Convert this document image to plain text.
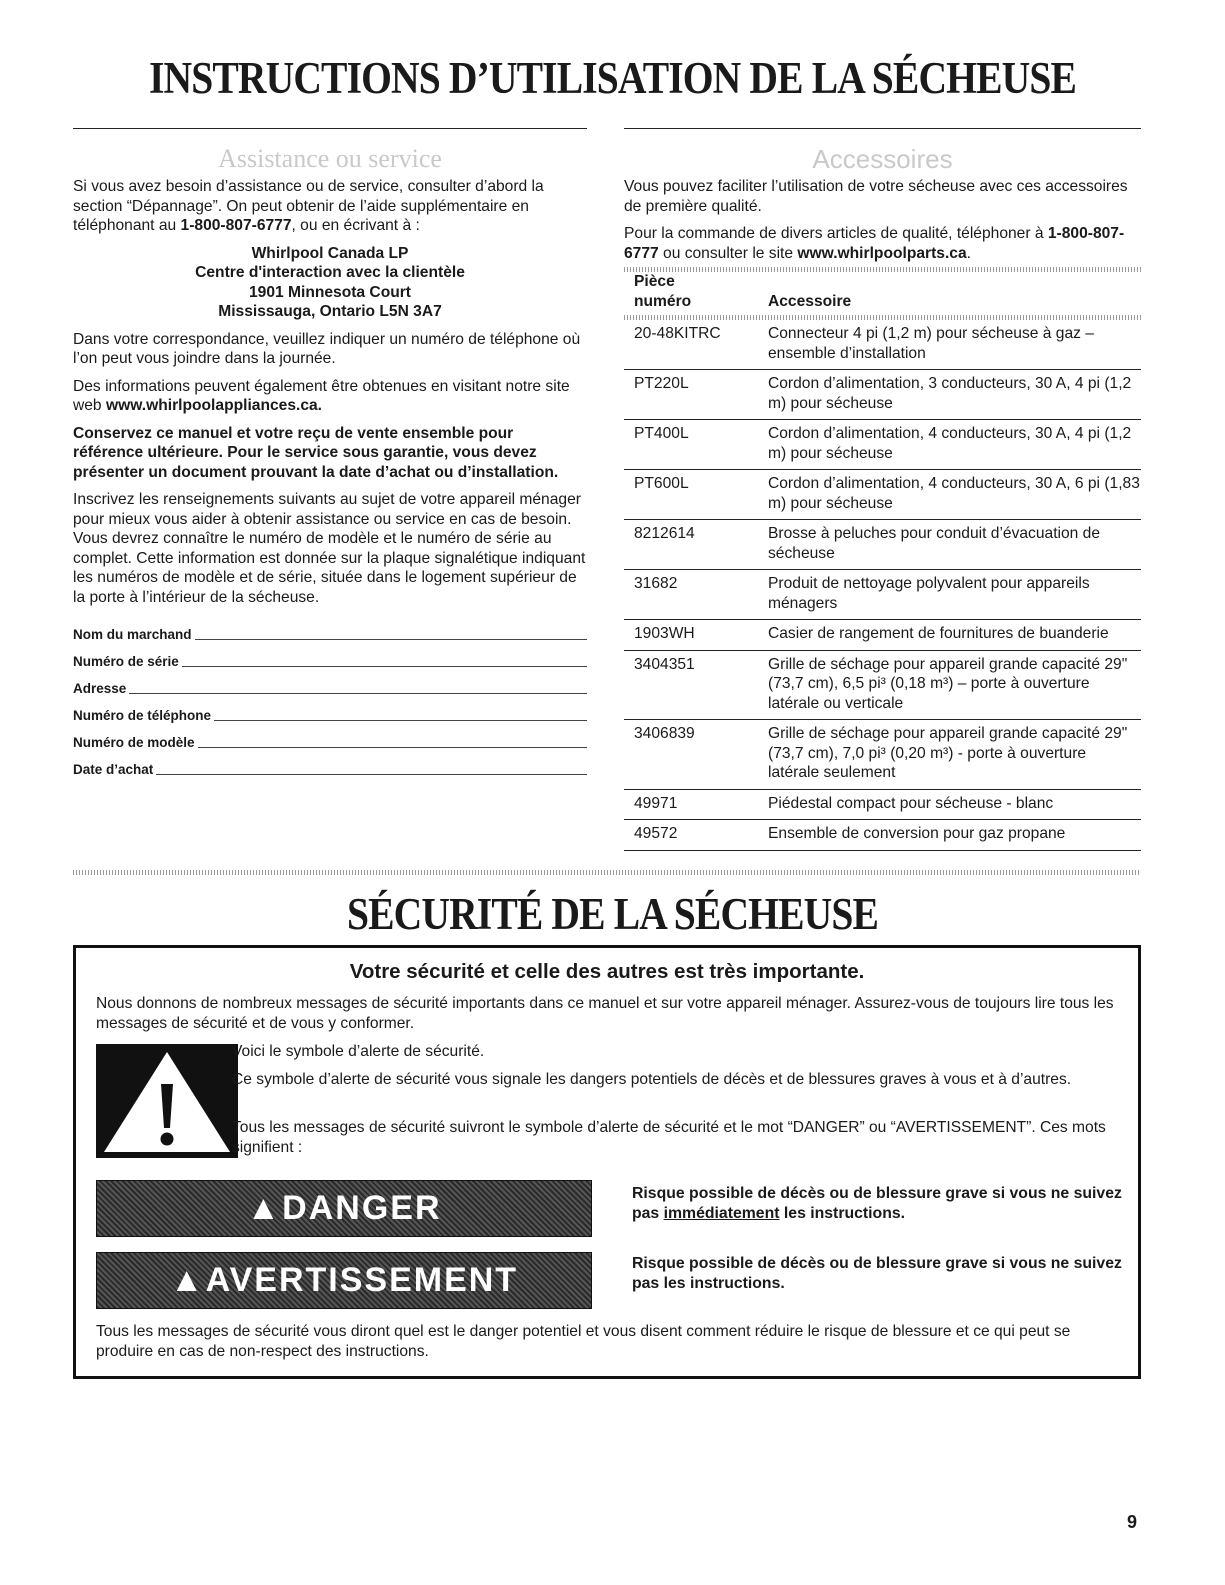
INSTRUCTIONS D’UTILISATION DE LA SÉCHEUSE
Assistance ou service

Si vous avez besoin d’assistance ou de service, consulter d’abord la section “Dépannage”. On peut obtenir de l’aide supplémentaire en téléphonant au 1-800-807-6777, ou en écrivant à :

Whirlpool Canada LP
Centre d'interaction avec la clientèle
1901 Minnesota Court
Mississauga, Ontario L5N 3A7

Dans votre correspondance, veuillez indiquer un numéro de téléphone où l’on peut vous joindre dans la journée.

Des informations peuvent également être obtenues en visitant notre site web www.whirlpoolappliances.ca.

Conservez ce manuel et votre reçu de vente ensemble pour référence ultérieure. Pour le service sous garantie, vous devez présenter un document prouvant la date d’achat ou d’installation.

Inscrivez les renseignements suivants au sujet de votre appareil ménager pour mieux vous aider à obtenir assistance ou service en cas de besoin. Vous devrez connaître le numéro de modèle et le numéro de série au complet. Cette information est donnée sur la plaque signalétique indiquant les numéros de modèle et de série, située dans le logement supérieur de la porte à l’intérieur de la sécheuse.

Nom du marchand
Numéro de série
Adresse
Numéro de téléphone
Numéro de modèle
Date d’achat
Accessoires

Vous pouvez faciliter l’utilisation de votre sécheuse avec ces accessoires de première qualité.

Pour la commande de divers articles de qualité, téléphoner à 1-800-807-6777 ou consulter le site www.whirlpoolparts.ca.

Pièce
numéro	Accessoire

20-48KITRC	Connecteur 4 pi (1,2 m) pour sécheuse à gaz – ensemble d’installation
PT220L	Cordon d’alimentation, 3 conducteurs, 30 A, 4 pi (1,2 m) pour sécheuse
PT400L	Cordon d’alimentation, 4 conducteurs, 30 A, 4 pi (1,2 m) pour sécheuse
PT600L	Cordon d’alimentation, 4 conducteurs, 30 A, 6 pi (1,83 m) pour sécheuse
8212614	Brosse à peluches pour conduit d’évacuation de sécheuse
31682	Produit de nettoyage polyvalent pour appareils ménagers
1903WH	Casier de rangement de fournitures de buanderie
3404351	Grille de séchage pour appareil grande capacité 29" (73,7 cm), 6,5 pi³ (0,18 m³) – porte à ouverture latérale ou verticale
3406839	Grille de séchage pour appareil grande capacité 29" (73,7 cm), 7,0 pi³ (0,20 m³) - porte à ouverture latérale seulement
49971	Piédestal compact pour sécheuse - blanc
49572	Ensemble de conversion pour gaz propane
SÉCURITÉ DE LA SÉCHEUSE
Votre sécurité et celle des autres est très importante.
Nous donnons de nombreux messages de sécurité importants dans ce manuel et sur votre appareil ménager. Assurez-vous de toujours lire tous les messages de sécurité et de vous y conformer.
Voici le symbole d’alerte de sécurité.
Ce symbole d’alerte de sécurité vous signale les dangers potentiels de décès et de blessures graves à vous et à d’autres.
Tous les messages de sécurité suivront le symbole d’alerte de sécurité et le mot “DANGER” ou “AVERTISSEMENT”. Ces mots signifient :
▲DANGER	Risque possible de décès ou de blessure grave si vous ne suivez pas immédiatement les instructions.
▲AVERTISSEMENT	Risque possible de décès ou de blessure grave si vous ne suivez pas les instructions.
Tous les messages de sécurité vous diront quel est le danger potentiel et vous disent comment réduire le risque de blessure et ce qui peut se produire en cas de non-respect des instructions.
9
